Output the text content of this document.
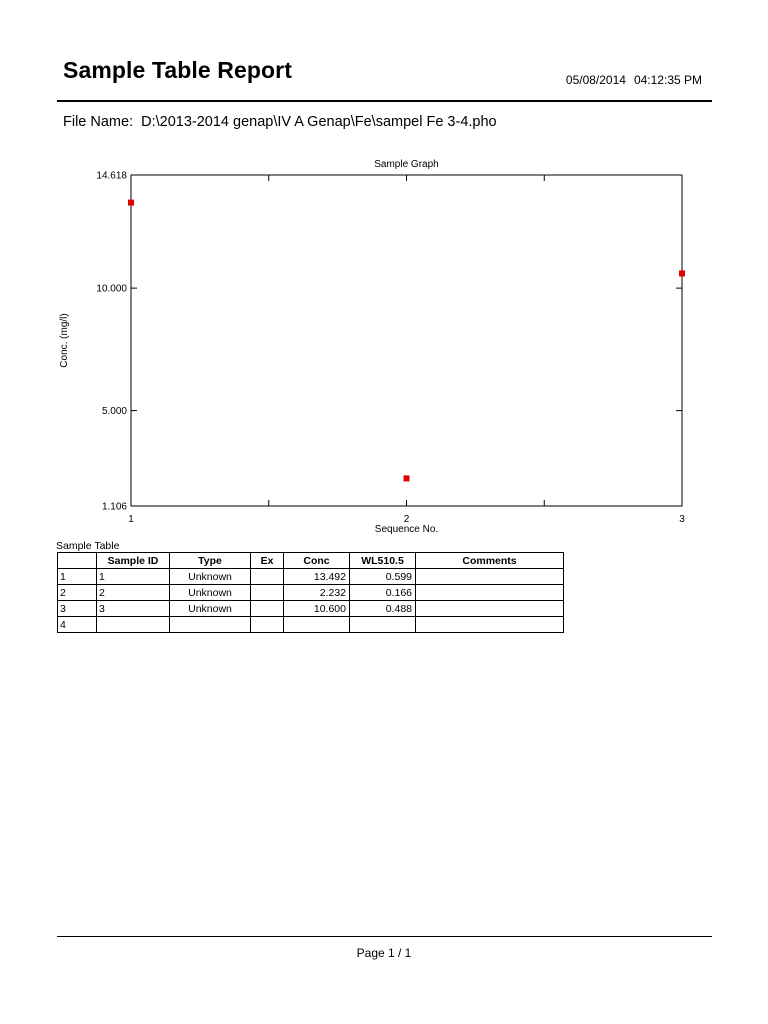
Sample Table Report	05/08/2014 04:12:35 PM
File Name: D:\2013-2014 genap\IV A Genap\Fe\sampel Fe 3-4.pho
Sample Graph
Sequence No.
Conc. (mg/l)
1.106
5.000
10.000
14.618
1	2	3
Sample Table
	Sample ID	Type	Ex	Conc	WL510.5	Comments
1	1	Unknown		13.492	0.599	
2	2	Unknown		2.232	0.166	
3	3	Unknown		10.600	0.488	
4						
Page 1 / 1
